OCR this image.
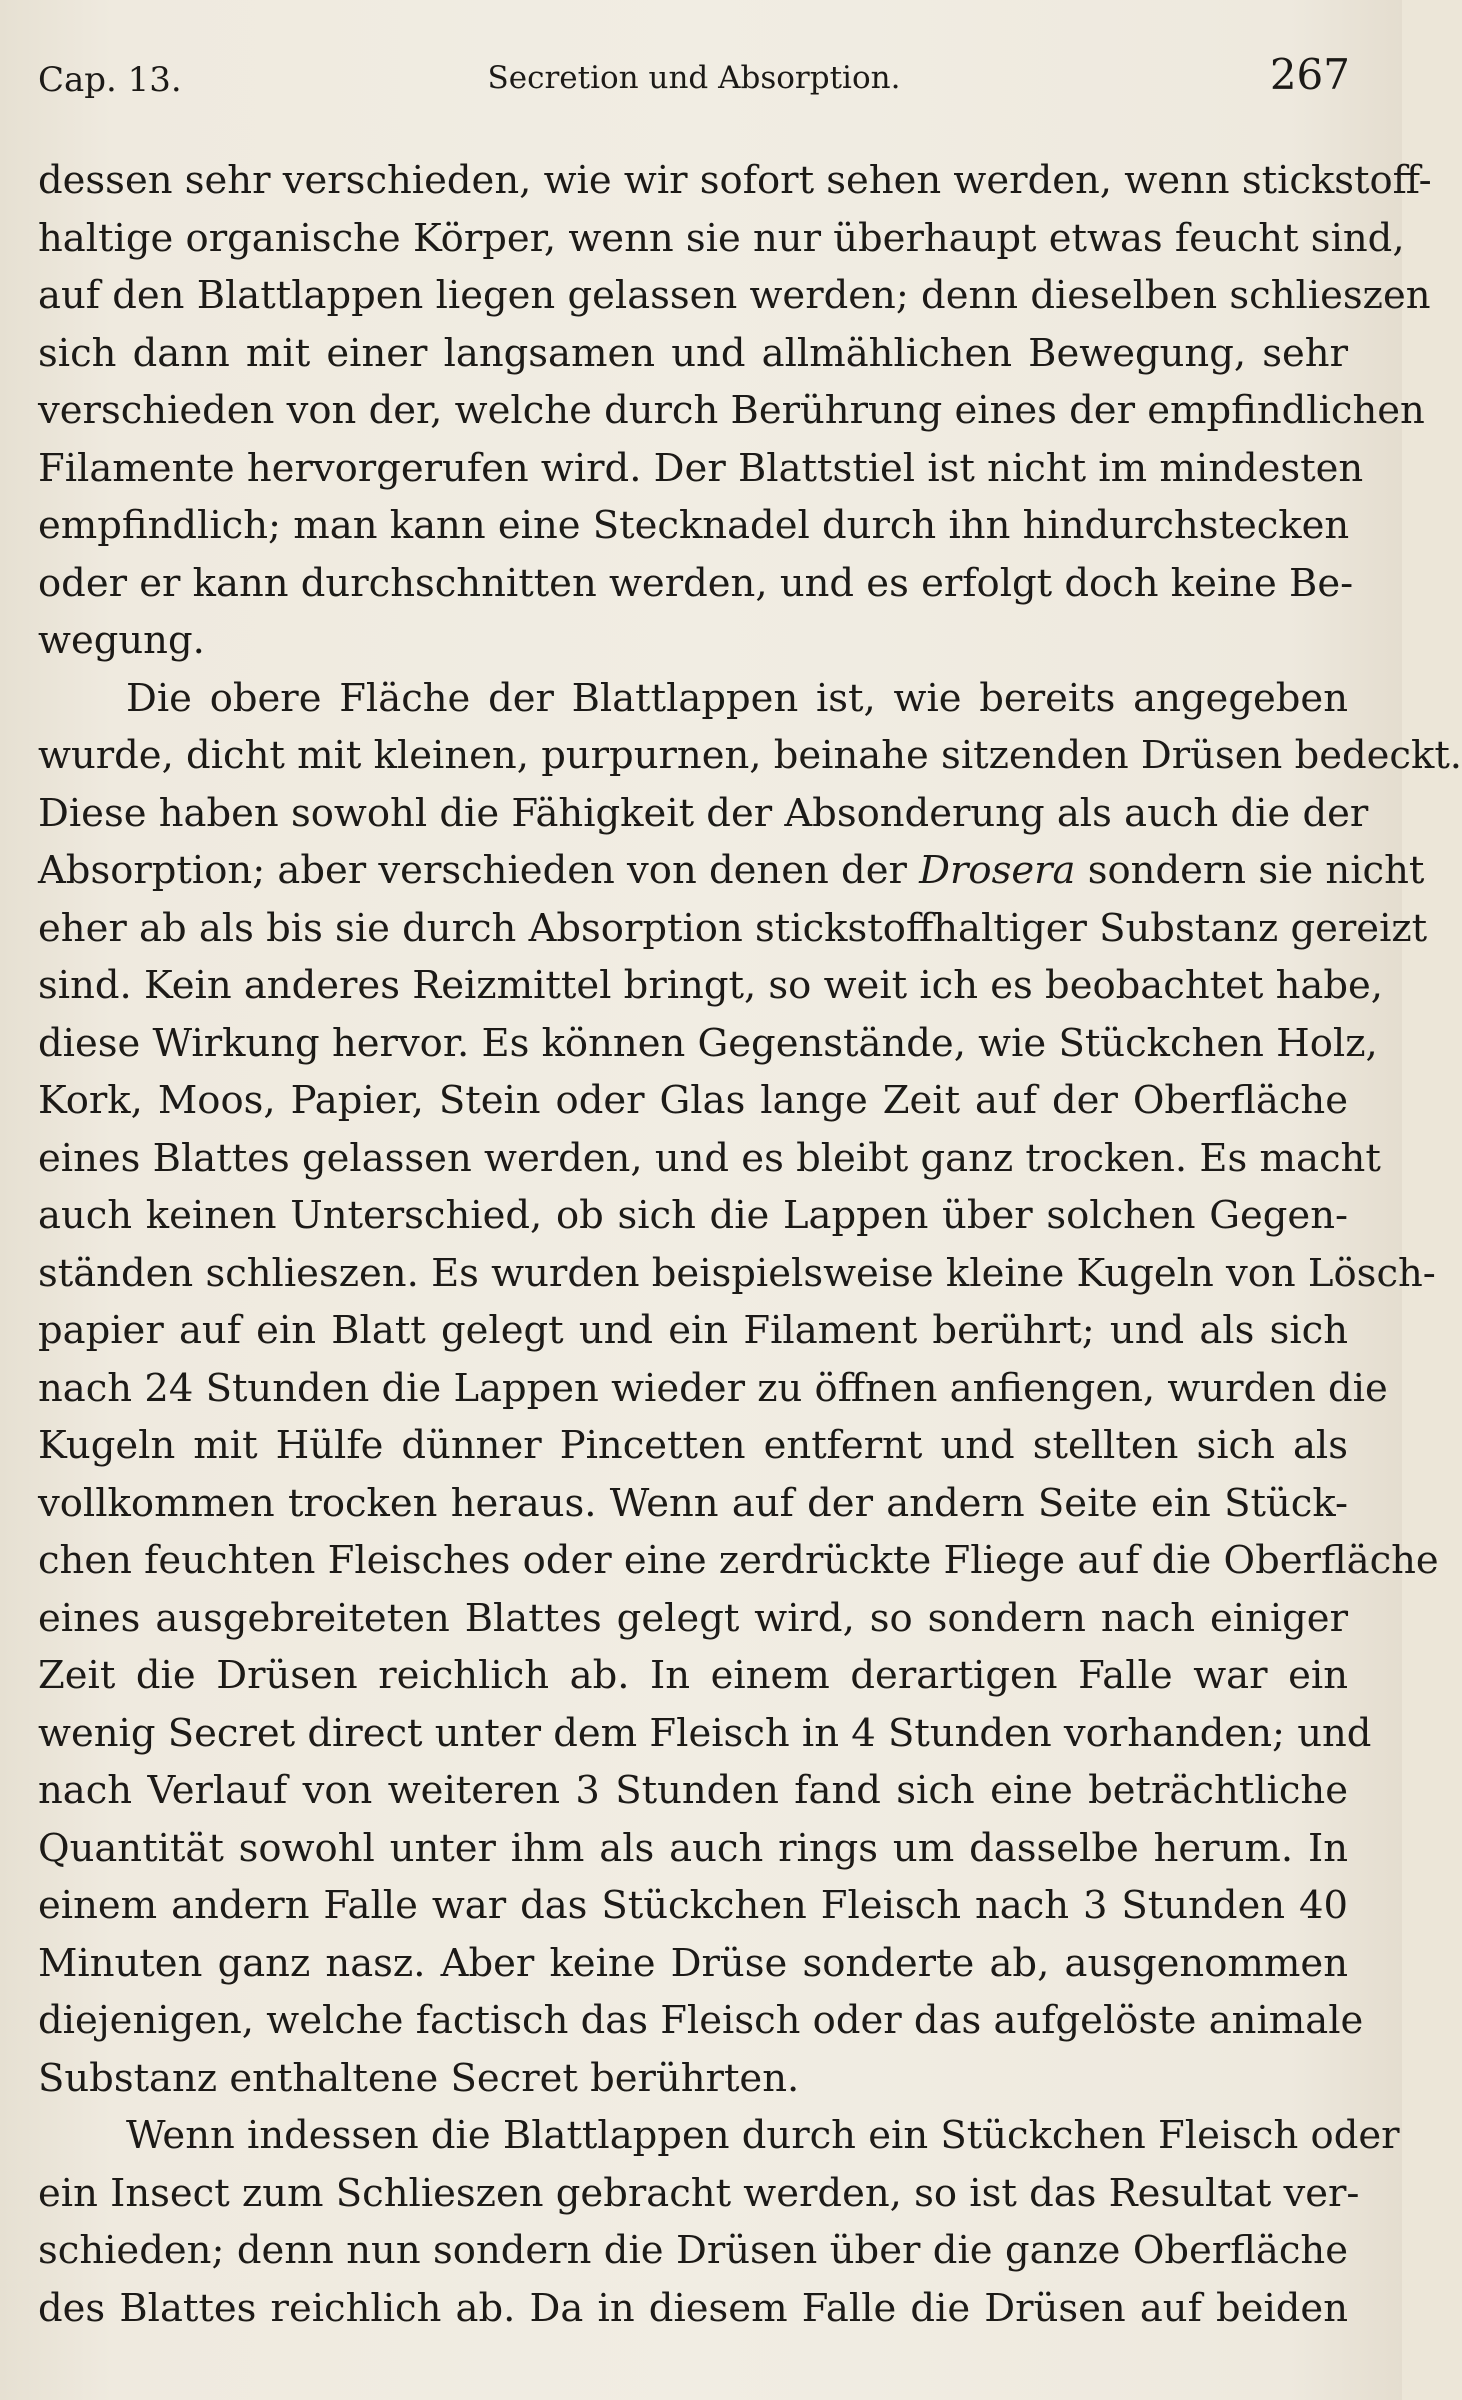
Cap. 13.	Secretion und Absorption.	267
dessen sehr verschieden, wie wir sofort sehen werden, wenn stickstoff-
haltige organische Körper, wenn sie nur überhaupt etwas feucht sind,
auf den Blattlappen liegen gelassen werden; denn dieselben schlieszen
sich dann mit einer langsamen und allmählichen Bewegung, sehr
verschieden von der, welche durch Berührung eines der empfindlichen
Filamente hervorgerufen wird. Der Blattstiel ist nicht im mindesten
empfindlich; man kann eine Stecknadel durch ihn hindurchstecken
oder er kann durchschnitten werden, und es erfolgt doch keine Be-
wegung.
Die obere Fläche der Blattlappen ist, wie bereits angegeben
wurde, dicht mit kleinen, purpurnen, beinahe sitzenden Drüsen bedeckt.
Diese haben sowohl die Fähigkeit der Absonderung als auch die der
Absorption; aber verschieden von denen der Drosera sondern sie nicht
eher ab als bis sie durch Absorption stickstoffhaltiger Substanz gereizt
sind. Kein anderes Reizmittel bringt, so weit ich es beobachtet habe,
diese Wirkung hervor. Es können Gegenstände, wie Stückchen Holz,
Kork, Moos, Papier, Stein oder Glas lange Zeit auf der Oberfläche
eines Blattes gelassen werden, und es bleibt ganz trocken. Es macht
auch keinen Unterschied, ob sich die Lappen über solchen Gegen-
ständen schlieszen. Es wurden beispielsweise kleine Kugeln von Lösch-
papier auf ein Blatt gelegt und ein Filament berührt; und als sich
nach 24 Stunden die Lappen wieder zu öffnen anfiengen, wurden die
Kugeln mit Hülfe dünner Pincetten entfernt und stellten sich als
vollkommen trocken heraus. Wenn auf der andern Seite ein Stück-
chen feuchten Fleisches oder eine zerdrückte Fliege auf die Oberfläche
eines ausgebreiteten Blattes gelegt wird, so sondern nach einiger
Zeit die Drüsen reichlich ab. In einem derartigen Falle war ein
wenig Secret direct unter dem Fleisch in 4 Stunden vorhanden; und
nach Verlauf von weiteren 3 Stunden fand sich eine beträchtliche
Quantität sowohl unter ihm als auch rings um dasselbe herum. In
einem andern Falle war das Stückchen Fleisch nach 3 Stunden 40
Minuten ganz nasz. Aber keine Drüse sonderte ab, ausgenommen
diejenigen, welche factisch das Fleisch oder das aufgelöste animale
Substanz enthaltene Secret berührten.
Wenn indessen die Blattlappen durch ein Stückchen Fleisch oder
ein Insect zum Schlieszen gebracht werden, so ist das Resultat ver-
schieden; denn nun sondern die Drüsen über die ganze Oberfläche
des Blattes reichlich ab. Da in diesem Falle die Drüsen auf beiden
